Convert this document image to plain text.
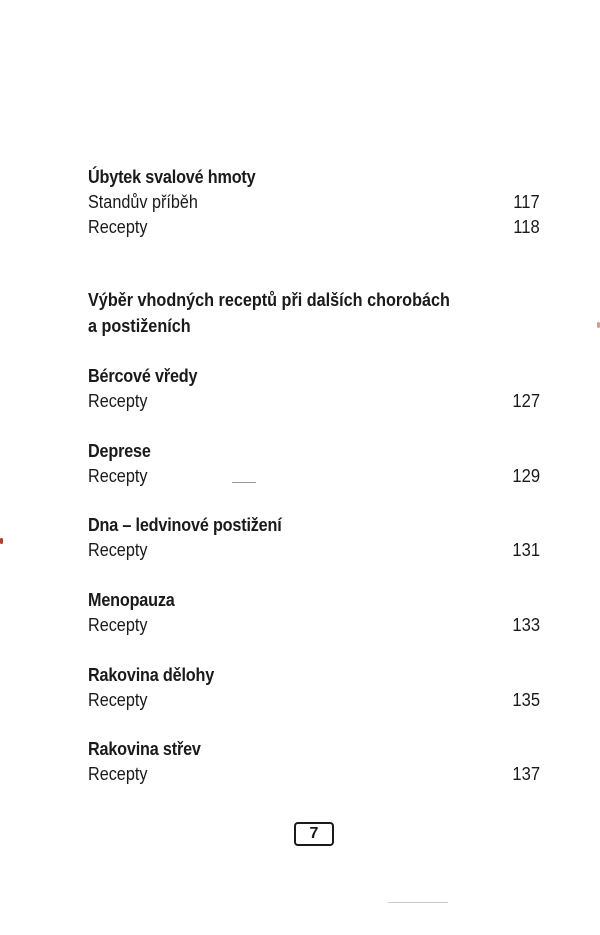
Úbytek svalové hmoty
Standův příběh	117
Recepty	118
Výběr vhodných receptů při dalších chorobách
a postiženích
Bércové vředy
Recepty	127
Deprese
Recepty	129
Dna – ledvinové postižení
Recepty	131
Menopauza
Recepty	133
Rakovina dělohy
Recepty	135
Rakovina střev
Recepty	137
7
